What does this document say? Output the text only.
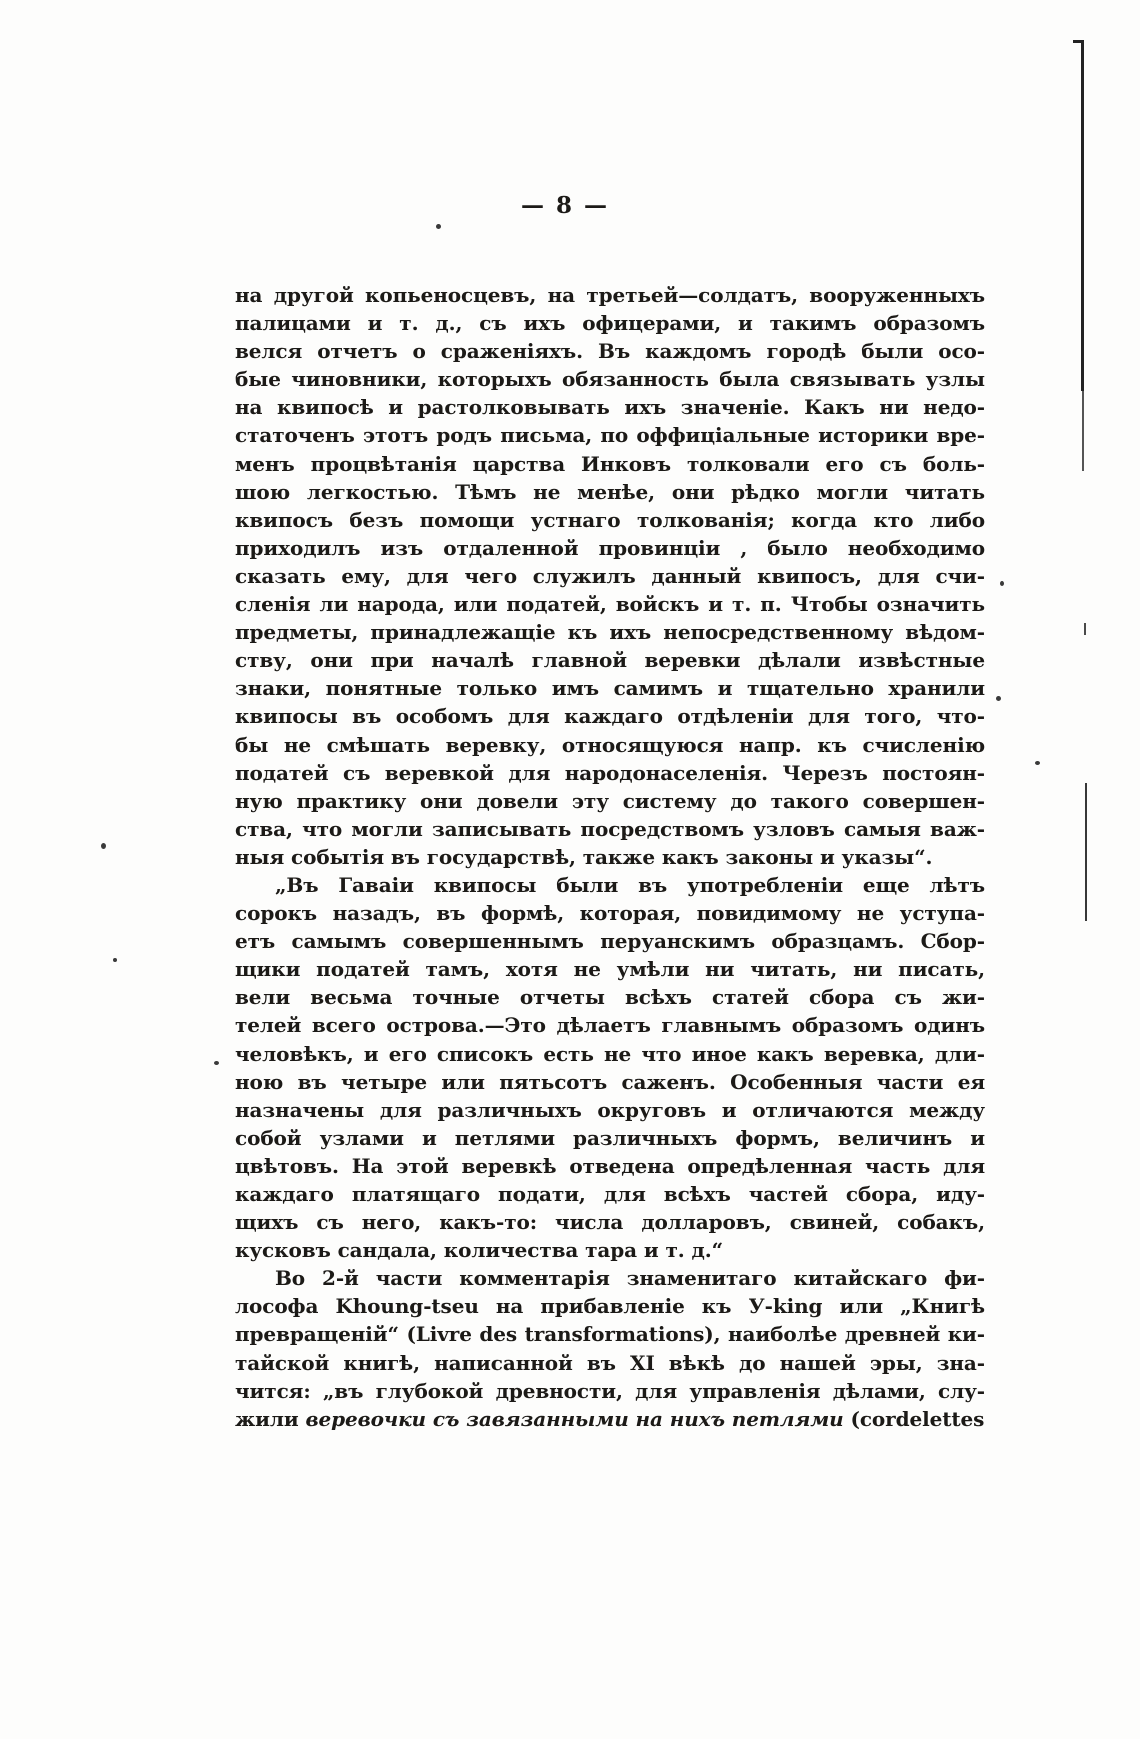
— 8 —
на другой копьеносцевъ, на третьей—солдатъ, вооруженныхъ
палицами и т. д., съ ихъ офицерами, и такимъ образомъ
велся отчетъ о сраженіяхъ. Въ каждомъ городѣ были осо-
бые чиновники, которыхъ обязанность была связывать узлы
на квипосѣ и растолковывать ихъ значеніе. Какъ ни недо-
статоченъ этотъ родъ письма, по оффиціальные историки вре-
менъ процвѣтанія царства Инковъ толковали его съ боль-
шою легкостью. Тѣмъ не менѣе, они рѣдко могли читать
квипосъ безъ помощи устнаго толкованія; когда кто либо
приходилъ изъ отдаленной провинціи , было необходимо
сказать ему, для чего служилъ данный квипосъ, для счи-
сленія ли народа, или податей, войскъ и т. п. Чтобы означить
предметы, принадлежащіе къ ихъ непосредственному вѣдом-
ству, они при началѣ главной веревки дѣлали извѣстные
знаки, понятные только имъ самимъ и тщательно хранили
квипосы въ особомъ для каждаго отдѣленіи для того, что-
бы не смѣшать веревку, относящуюся напр. къ счисленію
податей съ веревкой для народонаселенія. Черезъ постоян-
ную практику они довели эту систему до такого совершен-
ства, что могли записывать посредствомъ узловъ самыя важ-
ныя событія въ государствѣ, также какъ законы и указы“.
„Въ Гаваіи квипосы были въ употребленіи еще лѣтъ
сорокъ назадъ, въ формѣ, которая, повидимому не уступа-
етъ самымъ совершеннымъ перуанскимъ образцамъ. Сбор-
щики податей тамъ, хотя не умѣли ни читать, ни писать,
вели весьма точные отчеты всѣхъ статей сбора съ жи-
телей всего острова.—Это дѣлаетъ главнымъ образомъ одинъ
человѣкъ, и его списокъ есть не что иное какъ веревка, дли-
ною въ четыре или пятьсотъ саженъ. Особенныя части ея
назначены для различныхъ округовъ и отличаются между
собой узлами и петлями различныхъ формъ, величинъ и
цвѣтовъ. На этой веревкѣ отведена опредѣленная часть для
каждаго платящаго подати, для всѣхъ частей сбора, иду-
щихъ съ него, какъ-то: числа долларовъ, свиней, собакъ,
кусковъ сандала, количества тара и т. д.“
Во 2-й части комментарія знаменитаго китайскаго фи-
лософа Khoung-tseu на прибавленіе къ У-king или „Книгѣ
превращеній“ (Livre des transformations), наиболѣе древней ки-
тайской книгѣ, написанной въ XI вѣкѣ до нашей эры, зна-
чится: „въ глубокой древности, для управленія дѣлами, слу-
жили веревочки съ завязанными на нихъ петлями (cordelettes
